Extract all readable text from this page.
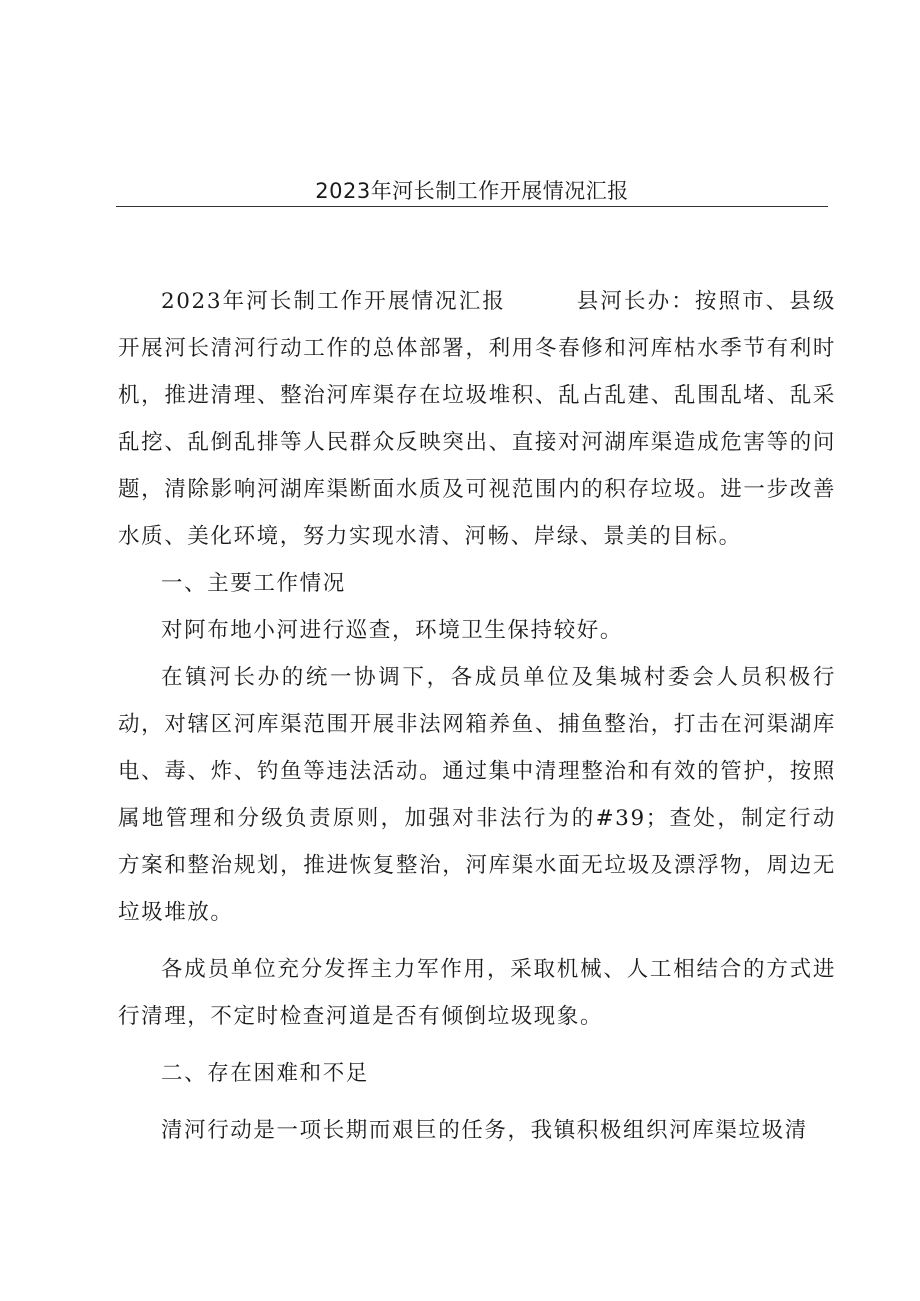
2023年河长制工作开展情况汇报

2023年河长制工作开展情况汇报　　　县河长办：按照市、县级开展河长清河行动工作的总体部署，利用冬春修和河库枯水季节有利时机，推进清理、整治河库渠存在垃圾堆积、乱占乱建、乱围乱堵、乱采乱挖、乱倒乱排等人民群众反映突出、直接对河湖库渠造成危害等的问题，清除影响河湖库渠断面水质及可视范围内的积存垃圾。进一步改善水质、美化环境，努力实现水清、河畅、岸绿、景美的目标。

一、主要工作情况

对阿布地小河进行巡查，环境卫生保持较好。

在镇河长办的统一协调下，各成员单位及集城村委会人员积极行动，对辖区河库渠范围开展非法网箱养鱼、捕鱼整治，打击在河渠湖库电、毒、炸、钓鱼等违法活动。通过集中清理整治和有效的管护，按照属地管理和分级负责原则，加强对非法行为的#39；查处，制定行动方案和整治规划，推进恢复整治，河库渠水面无垃圾及漂浮物，周边无垃圾堆放。

各成员单位充分发挥主力军作用，采取机械、人工相结合的方式进行清理，不定时检查河道是否有倾倒垃圾现象。

二、存在困难和不足

清河行动是一项长期而艰巨的任务，我镇积极组织河库渠垃圾清
